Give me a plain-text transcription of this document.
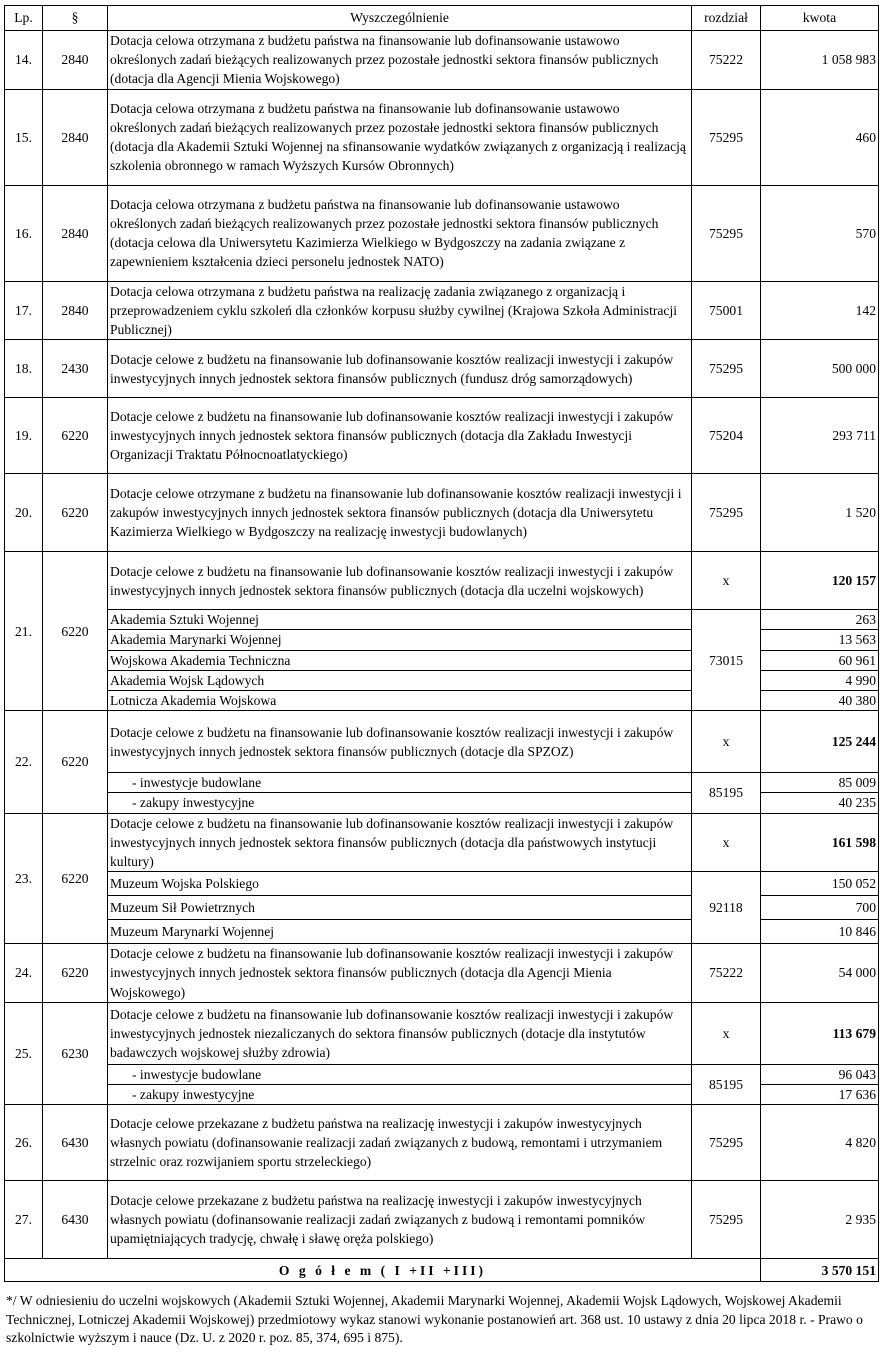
Lp.	§	Wyszczególnienie	rozdział	kwota
14.	2840	Dotacja celowa otrzymana z budżetu państwa na finansowanie lub dofinansowanie ustawowo określonych zadań bieżących realizowanych przez pozostałe jednostki sektora finansów publicznych (dotacja dla Agencji Mienia Wojskowego)	75222	1 058 983
15.	2840	Dotacja celowa otrzymana z budżetu państwa na finansowanie lub dofinansowanie ustawowo określonych zadań bieżących realizowanych przez pozostałe jednostki sektora finansów publicznych (dotacja dla Akademii Sztuki Wojennej na sfinansowanie wydatków związanych z organizacją i realizacją szkolenia obronnego w ramach Wyższych Kursów Obronnych)	75295	460
16.	2840	Dotacja celowa otrzymana z budżetu państwa na finansowanie lub dofinansowanie ustawowo określonych zadań bieżących realizowanych przez pozostałe jednostki sektora finansów publicznych (dotacja celowa dla Uniwersytetu Kazimierza Wielkiego w Bydgoszczy na zadania związane z zapewnieniem kształcenia dzieci personelu jednostek NATO)	75295	570
17.	2840	Dotacja celowa otrzymana z budżetu państwa na realizację zadania związanego z organizacją i przeprowadzeniem cyklu szkoleń dla członków korpusu służby cywilnej (Krajowa Szkoła Administracji Publicznej)	75001	142
18.	2430	Dotacje celowe z budżetu na finansowanie lub dofinansowanie kosztów realizacji inwestycji i zakupów inwestycyjnych innych jednostek sektora finansów publicznych (fundusz dróg samorządowych)	75295	500 000
19.	6220	Dotacje celowe z budżetu na finansowanie lub dofinansowanie kosztów realizacji inwestycji i zakupów inwestycyjnych innych jednostek sektora finansów publicznych (dotacja dla Zakładu Inwestycji Organizacji Traktatu Północnoatlatyckiego)	75204	293 711
20.	6220	Dotacje celowe otrzymane z budżetu na finansowanie lub dofinansowanie kosztów realizacji inwestycji i zakupów inwestycyjnych innych jednostek sektora finansów publicznych (dotacja dla Uniwersytetu Kazimierza Wielkiego w Bydgoszczy na realizację inwestycji budowlanych)	75295	1 520
21.	6220	Dotacje celowe z budżetu na finansowanie lub dofinansowanie kosztów realizacji inwestycji i zakupów inwestycyjnych innych jednostek sektora finansów publicznych (dotacja dla uczelni wojskowych)	x	120 157
		Akademia Sztuki Wojennej	73015	263
		Akademia Marynarki Wojennej		13 563
		Wojskowa Akademia Techniczna		60 961
		Akademia Wojsk Lądowych		4 990
		Lotnicza Akademia Wojskowa		40 380
22.	6220	Dotacje celowe z budżetu na finansowanie lub dofinansowanie kosztów realizacji inwestycji i zakupów inwestycyjnych innych jednostek sektora finansów publicznych (dotacje dla SPZOZ)	x	125 244
		- inwestycje budowlane	85195	85 009
		- zakupy inwestycyjne		40 235
23.	6220	Dotacje celowe z budżetu na finansowanie lub dofinansowanie kosztów realizacji inwestycji i zakupów inwestycyjnych innych jednostek sektora finansów publicznych (dotacja dla państwowych instytucji kultury)	x	161 598
		Muzeum Wojska Polskiego	92118	150 052
		Muzeum Sił Powietrznych		700
		Muzeum Marynarki Wojennej		10 846
24.	6220	Dotacje celowe z budżetu na finansowanie lub dofinansowanie kosztów realizacji inwestycji i zakupów inwestycyjnych innych jednostek sektora finansów publicznych (dotacja dla Agencji Mienia Wojskowego)	75222	54 000
25.	6230	Dotacje celowe z budżetu na finansowanie lub dofinansowanie kosztów realizacji inwestycji i zakupów inwestycyjnych jednostek niezaliczanych do sektora finansów publicznych (dotacje dla instytutów badawczych wojskowej służby zdrowia)	x	113 679
		- inwestycje budowlane	85195	96 043
		- zakupy inwestycyjne		17 636
26.	6430	Dotacje celowe przekazane z budżetu państwa na realizację inwestycji i zakupów inwestycyjnych własnych powiatu (dofinansowanie realizacji zadań związanych z budową, remontami i utrzymaniem strzelnic oraz rozwijaniem sportu strzeleckiego)	75295	4 820
27.	6430	Dotacje celowe przekazane z budżetu państwa na realizację inwestycji i zakupów inwestycyjnych własnych powiatu (dofinansowanie realizacji zadań związanych z budową i remontami pomników upamiętniających tradycję, chwałę i sławę oręża polskiego)	75295	2 935
O g ó ł e m ( I +II +III)				3 570 151
*/ W odniesieniu do uczelni wojskowych (Akademii Sztuki Wojennej, Akademii Marynarki Wojennej, Akademii Wojsk Lądowych, Wojskowej Akademii Technicznej, Lotniczej Akademii Wojskowej) przedmiotowy wykaz stanowi wykonanie postanowień art. 368 ust. 10 ustawy z dnia 20 lipca 2018 r. - Prawo o szkolnictwie wyższym i nauce (Dz. U. z 2020 r. poz. 85, 374, 695 i 875).
